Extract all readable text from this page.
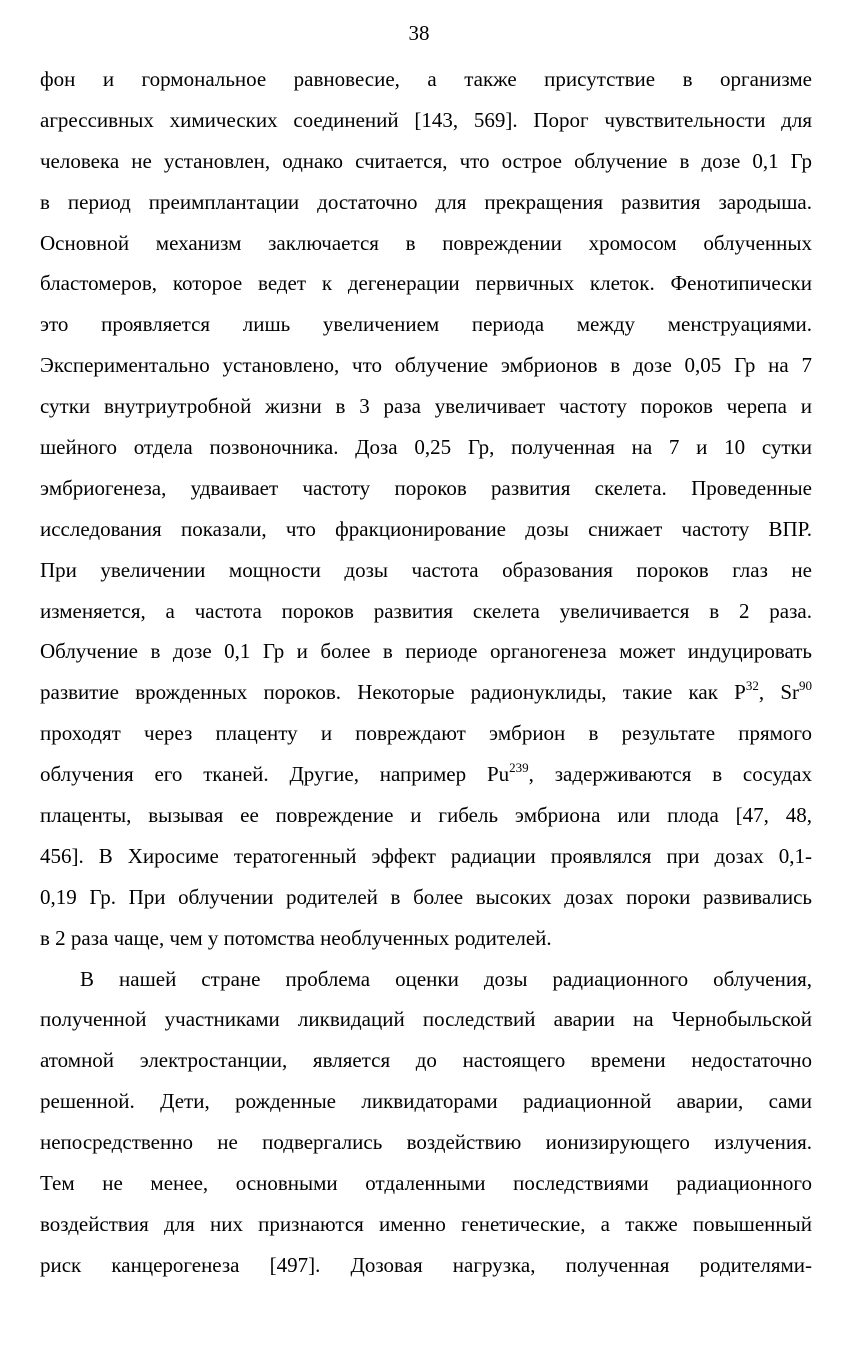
38
фон и гормональное равновесие, а также присутствие в организме
агрессивных химических соединений [143, 569]. Порог чувствительности для
человека не установлен, однако считается, что острое облучение в дозе 0,1 Гр
в период преимплантации достаточно для прекращения развития зародыша.
Основной механизм заключается в повреждении хромосом облученных
бластомеров, которое ведет к дегенерации первичных клеток. Фенотипически
это проявляется лишь увеличением периода между менструациями.
Экспериментально установлено, что облучение эмбрионов в дозе 0,05 Гр на 7
сутки внутриутробной жизни в 3 раза увеличивает частоту пороков черепа и
шейного отдела позвоночника. Доза 0,25 Гр, полученная на 7 и 10 сутки
эмбриогенеза, удваивает частоту пороков развития скелета. Проведенные
исследования показали, что фракционирование дозы снижает частоту ВПР.
При увеличении мощности дозы частота образования пороков глаз не
изменяется, а частота пороков развития скелета увеличивается в 2 раза.
Облучение в дозе 0,1 Гр и более в периоде органогенеза может индуцировать
развитие врожденных пороков. Некоторые радионуклиды, такие как $P^{32}$, Sr$^{90}$
проходят через плаценту и повреждают эмбрион в результате прямого
облучения его тканей. Другие, например Pu$^{239}$, задерживаются в сосудах
плаценты, вызывая ее повреждение и гибель эмбриона или плода [47, 48,
456]. В Хиросиме тератогенный эффект радиации проявлялся при дозах 0,1-
0,19 Гр. При облучении родителей в более высоких дозах пороки развивались
в 2 раза чаще, чем у потомства необлученных родителей.
В нашей стране проблема оценки дозы радиационного облучения,
полученной участниками ликвидаций последствий аварии на Чернобыльской
атомной электростанции, является до настоящего времени недостаточно
решенной. Дети, рожденные ликвидаторами радиационной аварии, сами
непосредственно не подвергались воздействию ионизирующего излучения.
Тем не менее, основными отдаленными последствиями радиационного
воздействия для них признаются именно генетические, а также повышенный
риск канцерогенеза [497]. Дозовая нагрузка, полученная родителями-
